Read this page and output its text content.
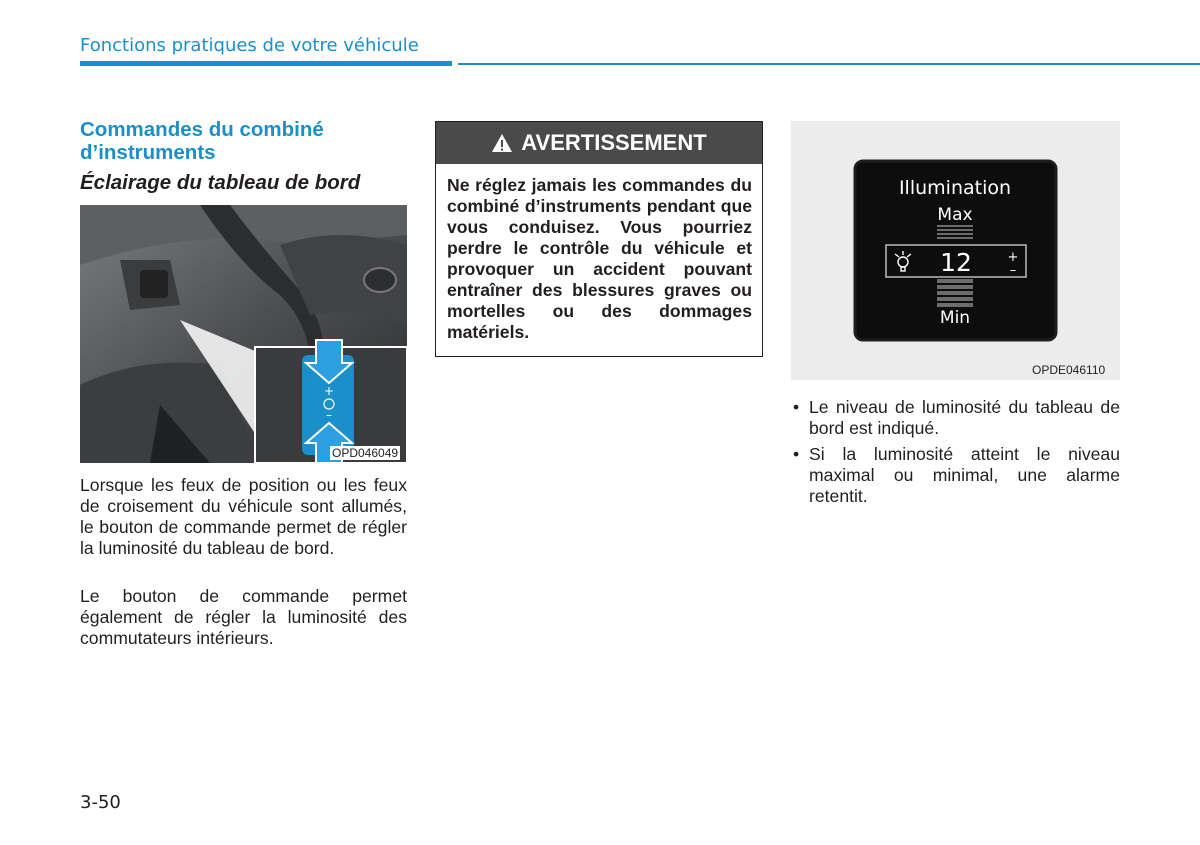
Fonctions pratiques de votre véhicule
Commandes du combiné d’instruments
Éclairage du tableau de bord
+
–
OPD046049

Lorsque les feux de position ou les feux de croisement du véhicule sont allumés, le bouton de commande permet de régler la luminosité du tableau de bord.

Le bouton de commande permet également de régler la luminosité des commutateurs intérieurs.

AVERTISSEMENT

Ne réglez jamais les commandes du combiné d’instruments pendant que vous conduisez. Vous pourriez perdre le contrôle du véhicule et provoquer un accident pouvant entraîner des blessures graves ou mortelles ou des dommages matériels.

+
–
Illumination
Max
12
Min
OPDE046110
• Le niveau de luminosité du tableau de bord est indiqué.
• Si la luminosité atteint le niveau maximal ou minimal, une alarme retentit.
3-50
